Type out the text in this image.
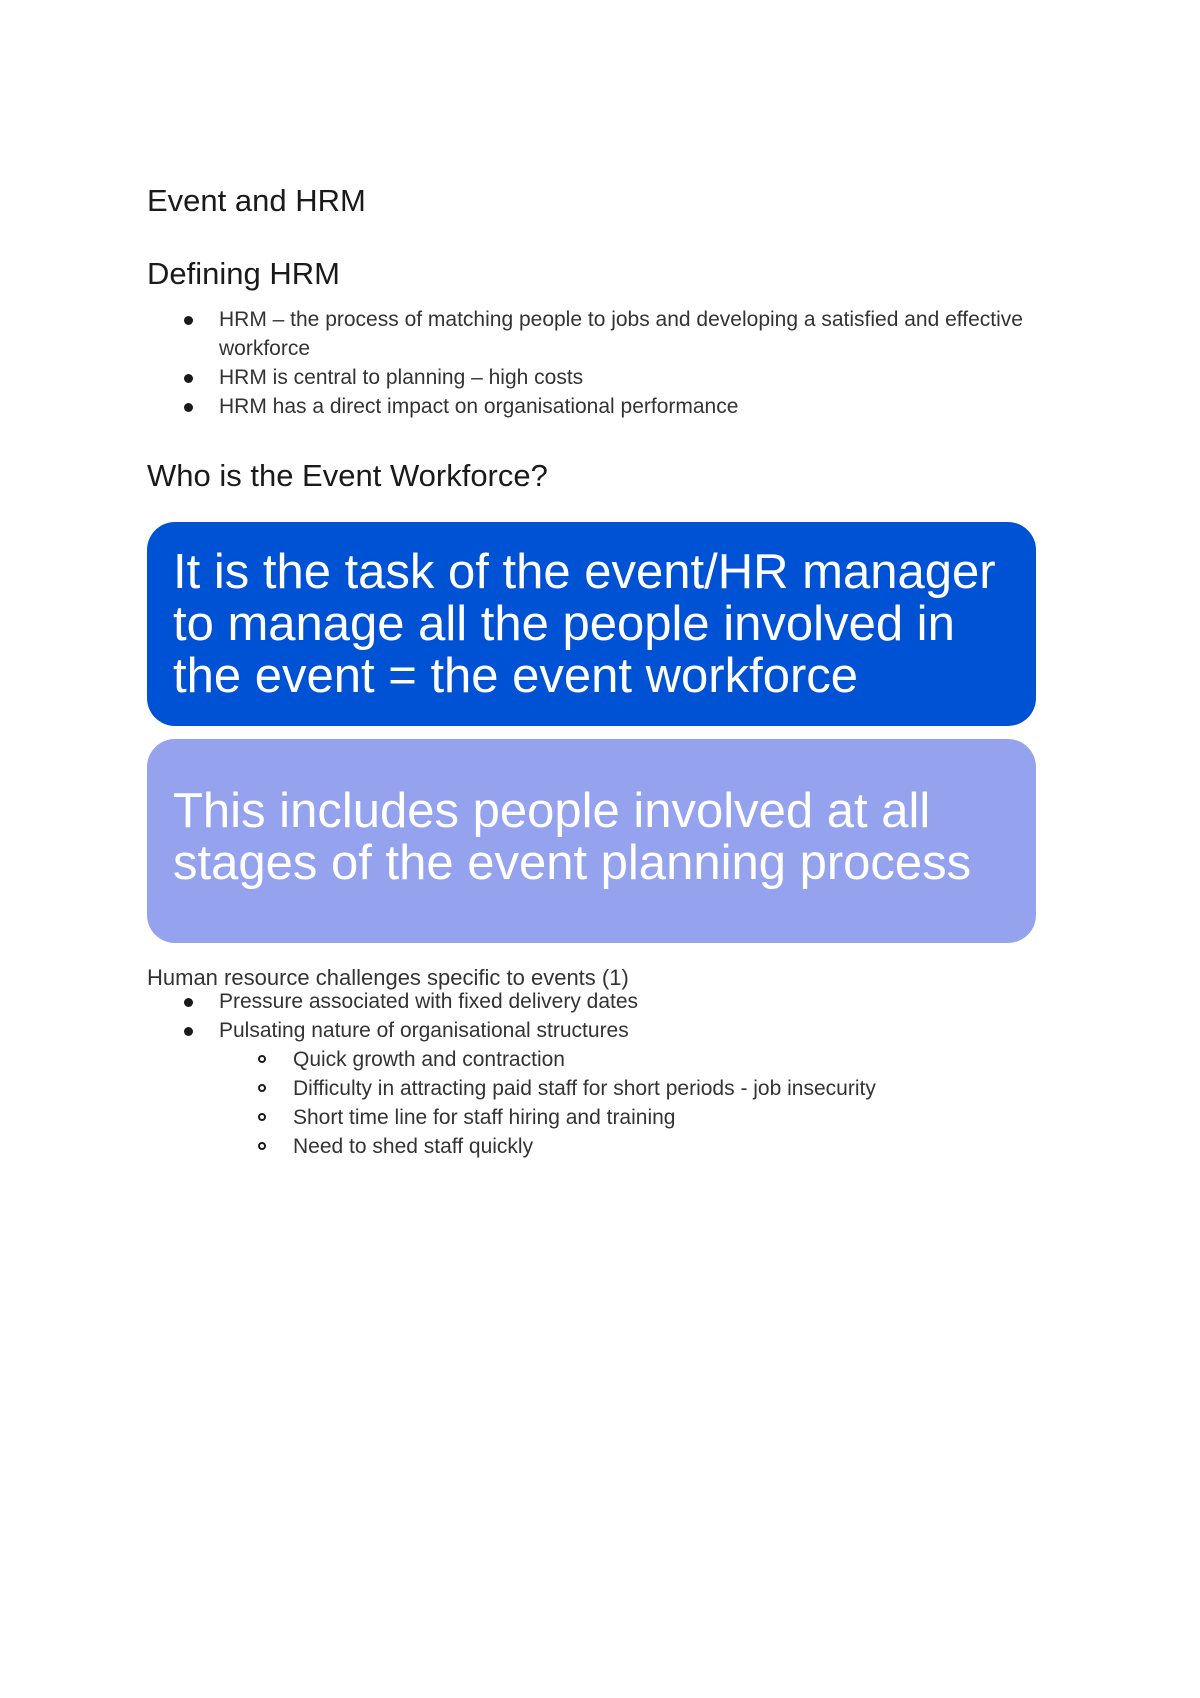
Event and HRM
Defining HRM
HRM – the process of matching people to jobs and developing a satisfied and effective workforce
HRM is central to planning – high costs
HRM has a direct impact on organisational performance
Who is the Event Workforce?
It is the task of the event/HR manager to manage all the people involved in the event = the event workforce
This includes people involved at all stages of the event planning process

Human resource challenges specific to events (1)

Pressure associated with fixed delivery dates
Pulsating nature of organisational structures
Quick growth and contraction
Difficulty in attracting paid staff for short periods - job insecurity
Short time line for staff hiring and training
Need to shed staff quickly
